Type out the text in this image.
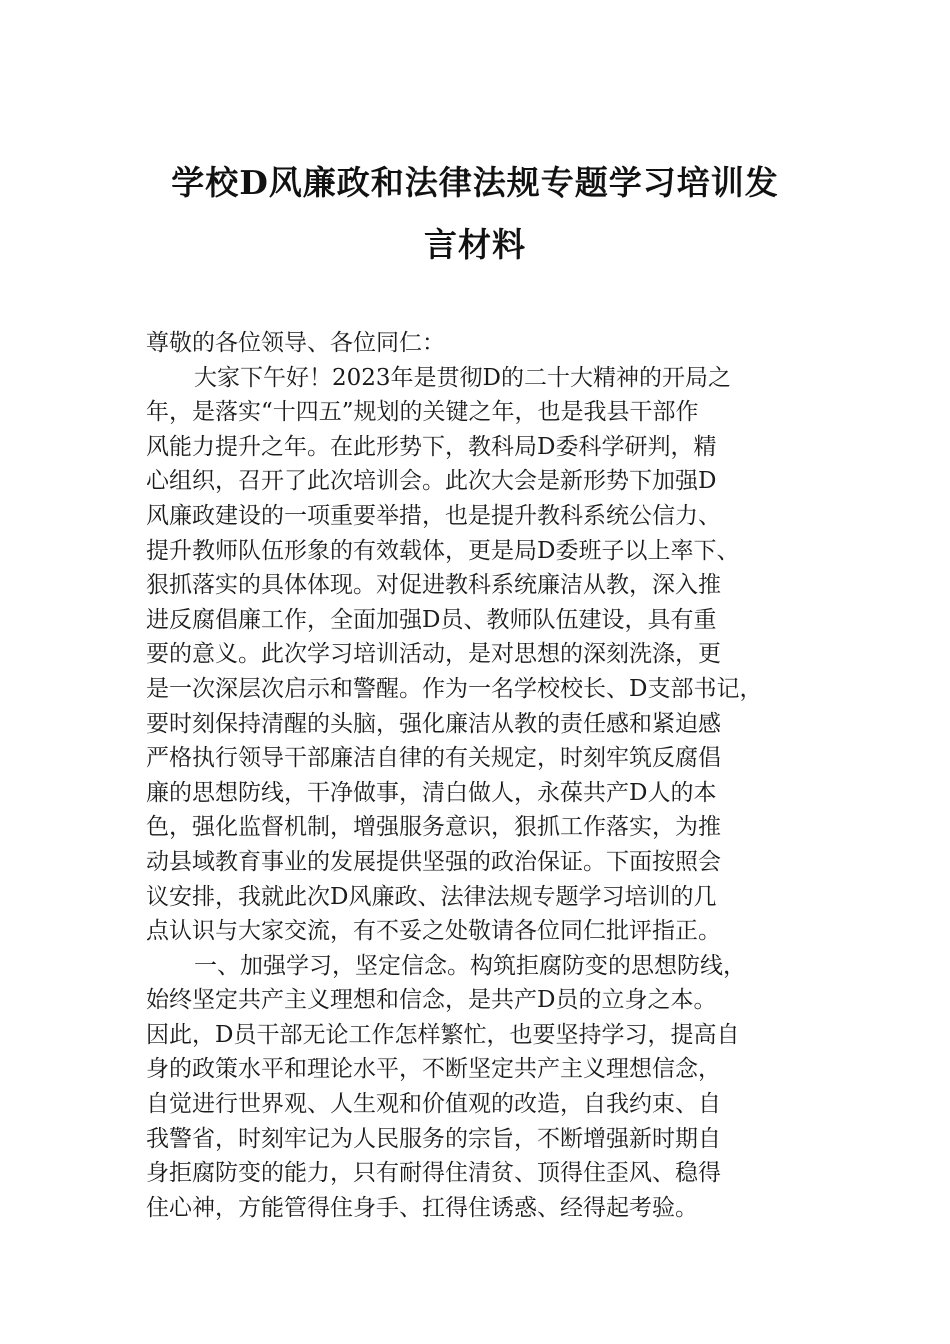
学校D风廉政和法律法规专题学习培训发
言材料
尊敬的各位领导、各位同仁：
大家下午好！2023年是贯彻D的二十大精神的开局之
年，是落实“十四五”规划的关键之年，也是我县干部作
风能力提升之年。在此形势下，教科局D委科学研判，精
心组织，召开了此次培训会。此次大会是新形势下加强D
风廉政建设的一项重要举措，也是提升教科系统公信力、
提升教师队伍形象的有效载体，更是局D委班子以上率下、
狠抓落实的具体体现。对促进教科系统廉洁从教，深入推
进反腐倡廉工作，全面加强D员、教师队伍建设，具有重
要的意义。此次学习培训活动，是对思想的深刻洗涤，更
是一次深层次启示和警醒。作为一名学校校长、D支部书记，
要时刻保持清醒的头脑，强化廉洁从教的责任感和紧迫感
严格执行领导干部廉洁自律的有关规定，时刻牢筑反腐倡
廉的思想防线，干净做事，清白做人，永葆共产D人的本
色，强化监督机制，增强服务意识，狠抓工作落实，为推
动县域教育事业的发展提供坚强的政治保证。下面按照会
议安排，我就此次D风廉政、法律法规专题学习培训的几
点认识与大家交流，有不妥之处敬请各位同仁批评指正。
一、加强学习，坚定信念。构筑拒腐防变的思想防线，
始终坚定共产主义理想和信念，是共产D员的立身之本。
因此，D员干部无论工作怎样繁忙，也要坚持学习，提高自
身的政策水平和理论水平，不断坚定共产主义理想信念，
自觉进行世界观、人生观和价值观的改造，自我约束、自
我警省，时刻牢记为人民服务的宗旨，不断增强新时期自
身拒腐防变的能力，只有耐得住清贫、顶得住歪风、稳得
住心神，方能管得住身手、扛得住诱惑、经得起考验。
